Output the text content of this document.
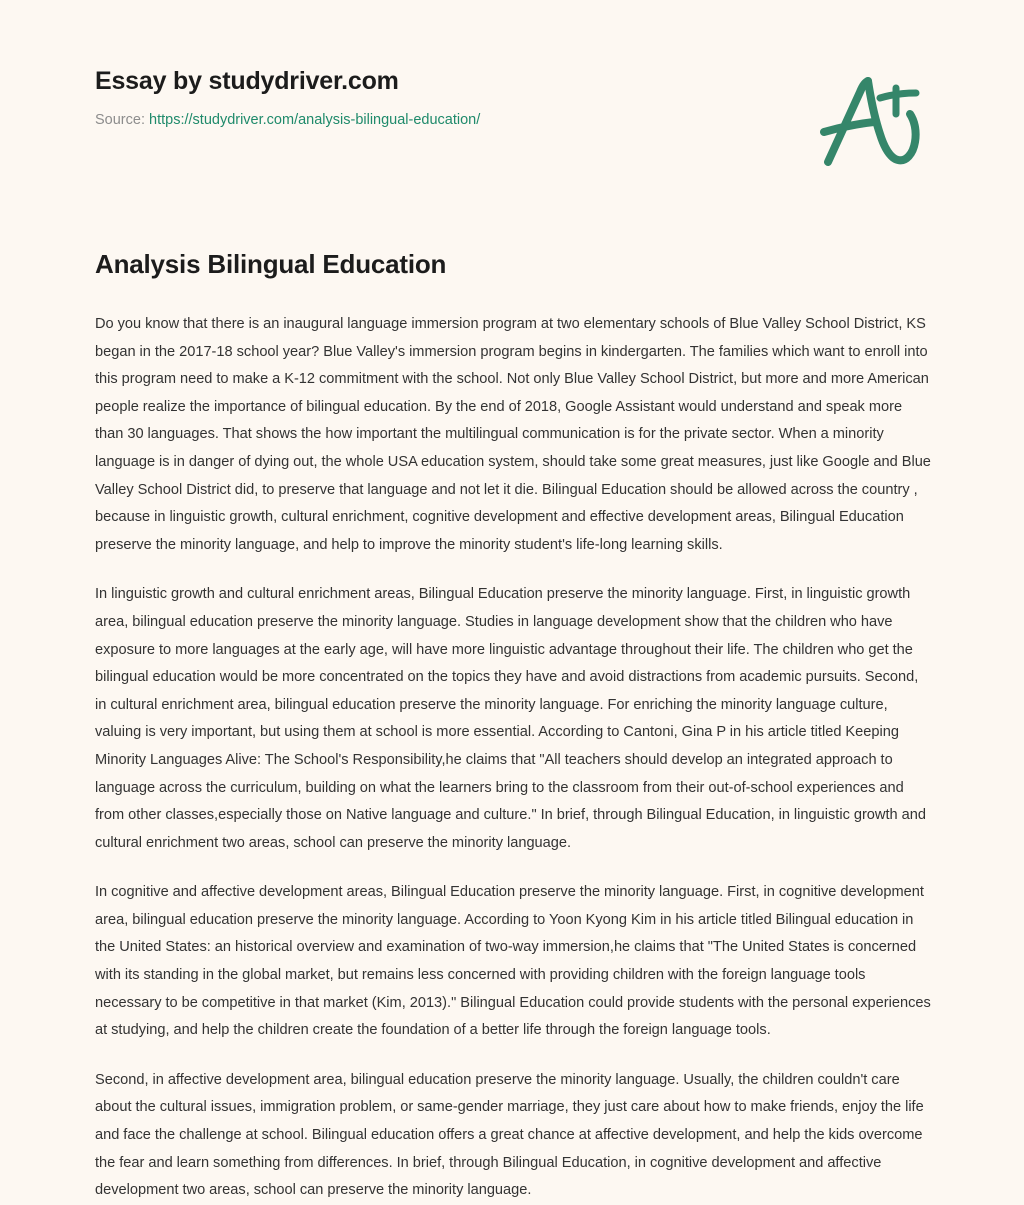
Essay by studydriver.com
Source: https://studydriver.com/analysis-bilingual-education/
Analysis Bilingual Education

Do you know that there is an inaugural language immersion program at two elementary schools of Blue Valley School District, KS began in the 2017-18 school year? Blue Valley's immersion program begins in kindergarten. The families which want to enroll into this program need to make a K-12 commitment with the school. Not only Blue Valley School District, but more and more American people realize the importance of bilingual education. By the end of 2018, Google Assistant would understand and speak more than 30 languages. That shows the how important the multilingual communication is for the private sector. When a minority language is in danger of dying out, the whole USA education system, should take some great measures, just like Google and Blue Valley School District did, to preserve that language and not let it die. Bilingual Education should be allowed across the country , because in linguistic growth, cultural enrichment, cognitive development and effective development areas, Bilingual Education preserve the minority language, and help to improve the minority student's life-long learning skills.

In linguistic growth and cultural enrichment areas, Bilingual Education preserve the minority language. First, in linguistic growth area, bilingual education preserve the minority language. Studies in language development show that the children who have exposure to more languages at the early age, will have more linguistic advantage throughout their life. The children who get the bilingual education would be more concentrated on the topics they have and avoid distractions from academic pursuits. Second, in cultural enrichment area, bilingual education preserve the minority language. For enriching the minority language culture, valuing is very important, but using them at school is more essential. According to Cantoni, Gina P in his article titled Keeping Minority Languages Alive: The School's Responsibility,he claims that "All teachers should develop an integrated approach to language across the curriculum, building on what the learners bring to the classroom from their out-of-school experiences and from other classes,especially those on Native language and culture." In brief, through Bilingual Education, in linguistic growth and cultural enrichment two areas, school can preserve the minority language.

In cognitive and affective development areas, Bilingual Education preserve the minority language. First, in cognitive development area, bilingual education preserve the minority language. According to Yoon Kyong Kim in his article titled Bilingual education in the United States: an historical overview and examination of two-way immersion,he claims that "The United States is concerned with its standing in the global market, but remains less concerned with providing children with the foreign language tools necessary to be competitive in that market (Kim, 2013)." Bilingual Education could provide students with the personal experiences at studying, and help the children create the foundation of a better life through the foreign language tools.

Second, in affective development area, bilingual education preserve the minority language. Usually, the children couldn't care about the cultural issues, immigration problem, or same-gender marriage, they just care about how to make friends, enjoy the life and face the challenge at school. Bilingual education offers a great chance at affective development, and help the kids overcome the fear and learn something from differences. In brief, through Bilingual Education, in cognitive development and affective development two areas, school can preserve the minority language.
